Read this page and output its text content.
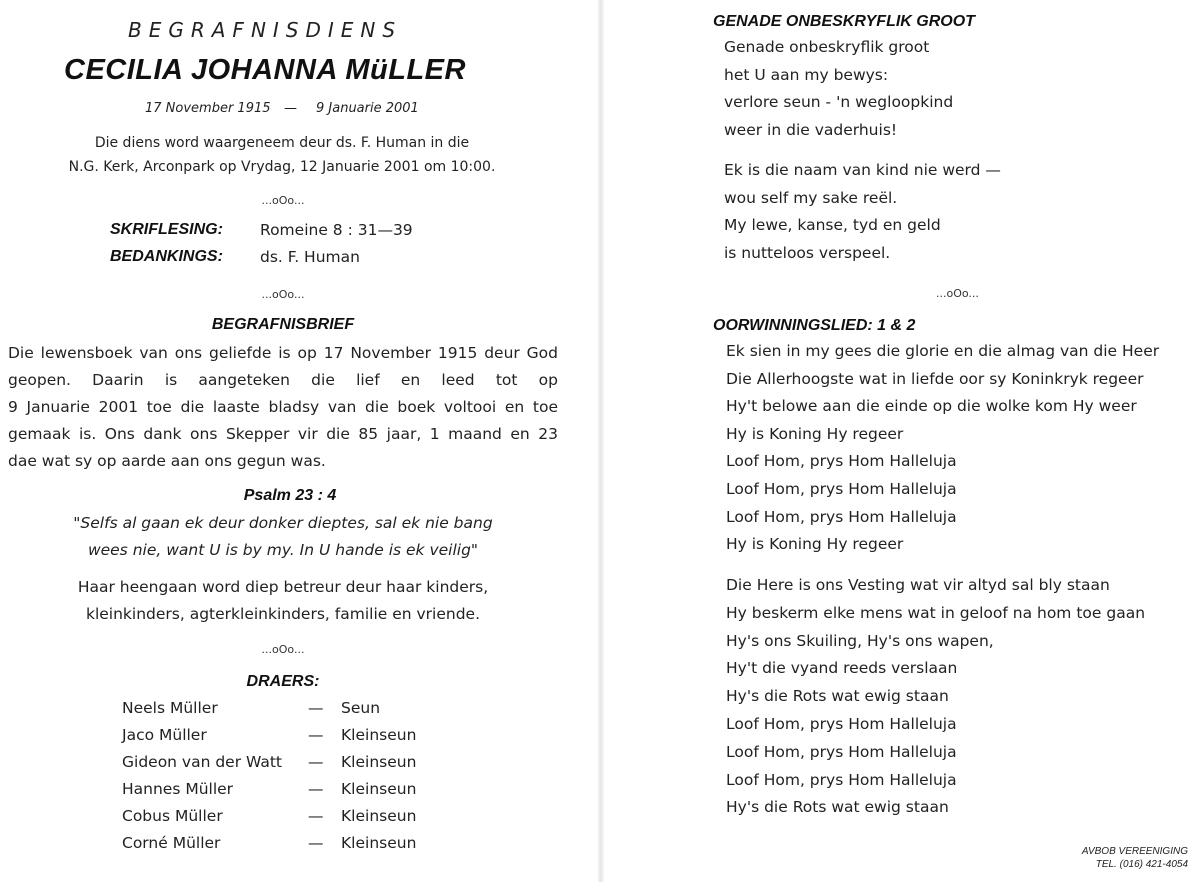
BEGRAFNISDIENS
CECILIA JOHANNA MüLLER
17 November 1915 — 9 Januarie 2001
Die diens word waargeneem deur ds. F. Human in die
N.G. Kerk, Arconpark op Vrydag, 12 Januarie 2001 om 10:00.
...oOo...
SKRIFLESING: Romeine 8 : 31—39
BEDANKINGS: ds. F. Human
...oOo...
BEGRAFNISBRIEF
Die lewensboek van ons geliefde is op 17 November 1915 deur God
geopen. Daarin is aangeteken die lief en leed tot op
9 Januarie 2001 toe die laaste bladsy van die boek voltooi en toe
gemaak is. Ons dank ons Skepper vir die 85 jaar, 1 maand en 23
dae wat sy op aarde aan ons gegun was.
Psalm 23 : 4
"Selfs al gaan ek deur donker dieptes, sal ek nie bang
wees nie, want U is by my. In U hande is ek veilig"
Haar heengaan word diep betreur deur haar kinders,
kleinkinders, agterkleinkinders, familie en vriende.
...oOo...
DRAERS:
Neels Müller	— Seun
Jaco Müller	— Kleinseun
Gideon van der Watt — Kleinseun
Hannes Müller	— Kleinseun
Cobus Müller	— Kleinseun
Corné Müller	— Kleinseun
GENADE ONBESKRYFLIK GROOT
Genade onbeskryflik groot
het U aan my bewys:
verlore seun - 'n wegloopkind
weer in die vaderhuis!
Ek is die naam van kind nie werd —
wou self my sake reël.
My lewe, kanse, tyd en geld
is nutteloos verspeel.
...oOo...
OORWINNINGSLIED: 1 & 2
Ek sien in my gees die glorie en die almag van die Heer
Die Allerhoogste wat in liefde oor sy Koninkryk regeer
Hy't belowe aan die einde op die wolke kom Hy weer
Hy is Koning Hy regeer
Loof Hom, prys Hom Halleluja
Loof Hom, prys Hom Halleluja
Loof Hom, prys Hom Halleluja
Hy is Koning Hy regeer
Die Here is ons Vesting wat vir altyd sal bly staan
Hy beskerm elke mens wat in geloof na hom toe gaan
Hy's ons Skuiling, Hy's ons wapen,
Hy't die vyand reeds verslaan
Hy's die Rots wat ewig staan
Loof Hom, prys Hom Halleluja
Loof Hom, prys Hom Halleluja
Loof Hom, prys Hom Halleluja
Hy's die Rots wat ewig staan
AVBOB VEREENIGING
TEL. (016) 421-4054
